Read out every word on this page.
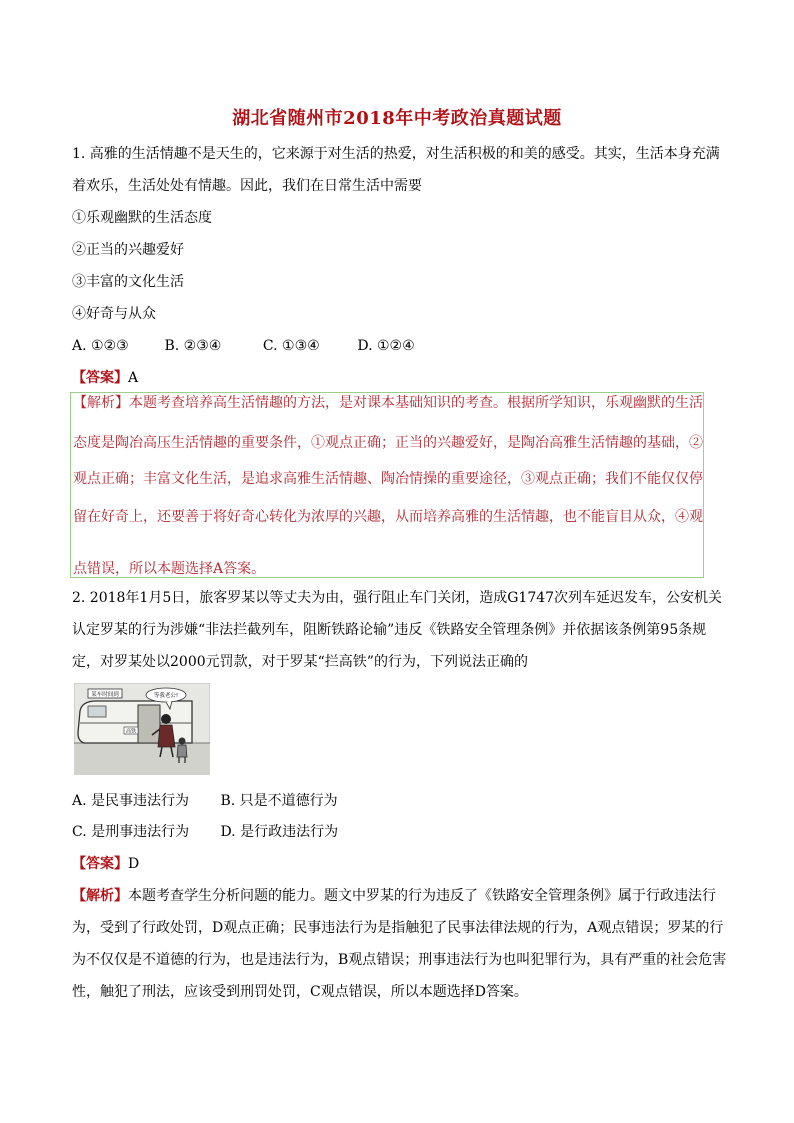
湖北省随州市2018年中考政治真题试题
1. 高雅的生活情趣不是天生的，它来源于对生活的热爱，对生活积极的和美的感受。其实，生活本身充满
着欢乐，生活处处有情趣。因此，我们在日常生活中需要
①乐观幽默的生活态度
②正当的兴趣爱好
③丰富的文化生活
④好奇与从众
A. ①②③	B. ②③④	C. ①③④	D. ①②④
【答案】A
【解析】本题考查培养高生活情趣的方法，是对课本基础知识的考查。根据所学知识，乐观幽默的生活
态度是陶冶高压生活情趣的重要条件，①观点正确；正当的兴趣爱好，是陶冶高雅生活情趣的基础，②
观点正确；丰富文化生活，是追求高雅生活情趣、陶冶情操的重要途径，③观点正确；我们不能仅仅停
留在好奇上，还要善于将好奇心转化为浓厚的兴趣，从而培养高雅的生活情趣，也不能盲目从众，④观
点错误，所以本题选择A答案。
2. 2018年1月5日，旅客罗某以等丈夫为由，强行阻止车门关闭，造成G1747次列车延迟发车，公安机关
认定罗某的行为涉嫌“非法拦截列车，阻断铁路论输”违反《铁路安全管理条例》并依据该条例第95条规
定，对罗某处以2000元罚款，对于罗某“拦高铁”的行为，下列说法正确的
高铁
某车时间到	等我老公!
A. 是民事违法行为 B. 只是不道德行为
C. 是刑事违法行为 D. 是行政违法行为
【答案】D
【解析】本题考查学生分析问题的能力。题文中罗某的行为违反了《铁路安全管理条例》属于行政违法行
为，受到了行政处罚，D观点正确；民事违法行为是指触犯了民事法律法规的行为，A观点错误；罗某的行
为不仅仅是不道德的行为，也是违法行为，B观点错误；刑事违法行为也叫犯罪行为，具有严重的社会危害
性，触犯了刑法，应该受到刑罚处罚，C观点错误，所以本题选择D答案。
